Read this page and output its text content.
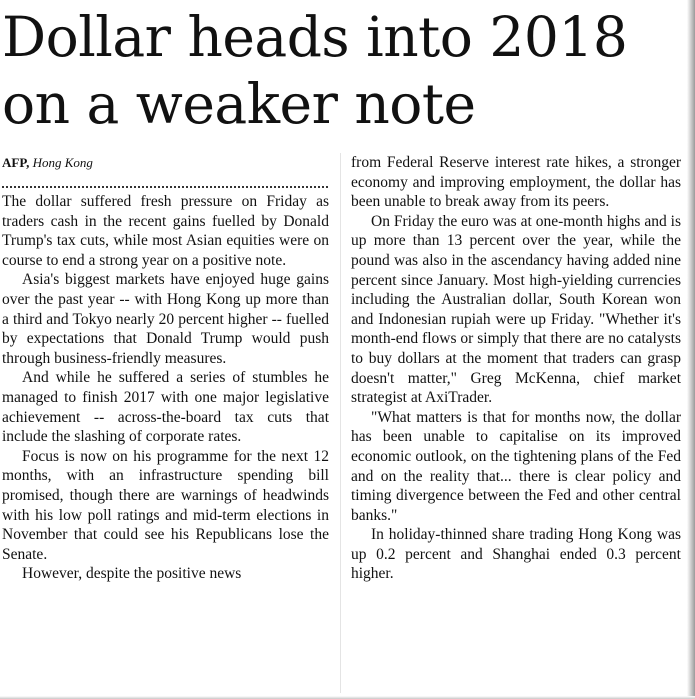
Dollar heads into 2018
on a weaker note
AFP, Hong Kong

The dollar suffered fresh pressure on Friday as traders cash in the recent gains fuelled by Donald Trump's tax cuts, while most Asian equities were on course to end a strong year on a positive note.

Asia's biggest markets have enjoyed huge gains over the past year -- with Hong Kong up more than a third and Tokyo nearly 20 percent higher -- fuelled by expectations that Donald Trump would push through business-friendly measures.

And while he suffered a series of stumbles he managed to finish 2017 with one major legislative achievement -- across-the-board tax cuts that include the slashing of corporate rates.

Focus is now on his programme for the next 12 months, with an infrastructure spending bill promised, though there are warnings of headwinds with his low poll ratings and mid-term elections in November that could see his Republicans lose the Senate.

However, despite the positive news

from Federal Reserve interest rate hikes, a stronger economy and improving employment, the dollar has been unable to break away from its peers.

On Friday the euro was at one-month highs and is up more than 13 percent over the year, while the pound was also in the ascendancy having added nine percent since January. Most high-yielding currencies including the Australian dollar, South Korean won and Indonesian rupiah were up Friday. "Whether it's month-end flows or simply that there are no catalysts to buy dollars at the moment that traders can grasp doesn't matter," Greg McKenna, chief market strategist at AxiTrader.

"What matters is that for months now, the dollar has been unable to capitalise on its improved economic outlook, on the tightening plans of the Fed and on the reality that... there is clear policy and timing divergence between the Fed and other central banks."

In holiday-thinned share trading Hong Kong was up 0.2 percent and Shanghai ended 0.3 percent higher.
